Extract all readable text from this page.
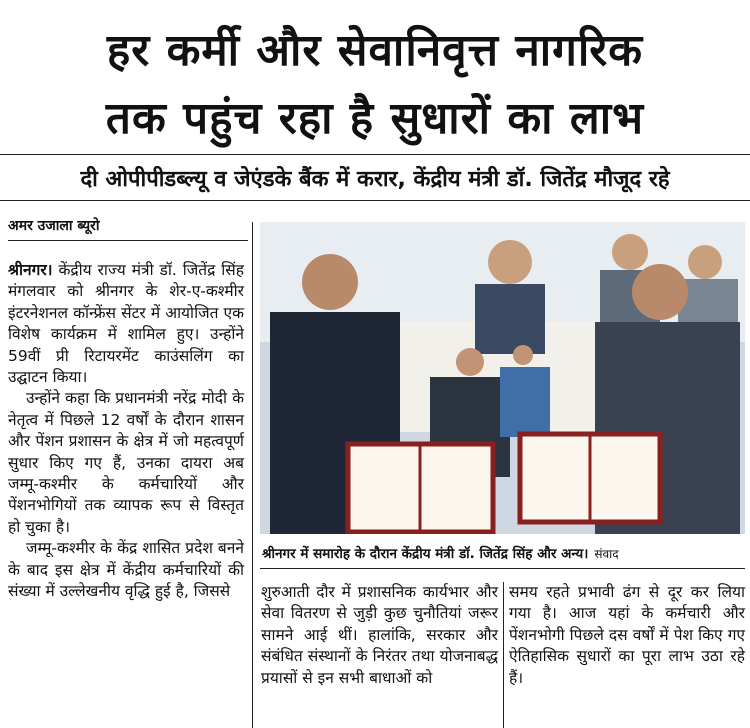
हर कर्मी और सेवानिवृत्त नागरिक
तक पहुंच रहा है सुधारों का लाभ
दी ओपीपीडब्ल्यू व जेएंडके बैंक में करार, केंद्रीय मंत्री डॉ. जितेंद्र मौजूद रहे
अमर उजाला ब्यूरो

श्रीनगर। केंद्रीय राज्य मंत्री डॉ. जितेंद्र सिंह मंगलवार को श्रीनगर के शेर-ए-कश्मीर इंटरनेशनल कॉन्फ्रेंस सेंटर में आयोजित एक विशेष कार्यक्रम में शामिल हुए। उन्होंने 59वीं प्री रिटायरमेंट काउंसलिंग का उद्घाटन किया।

उन्होंने कहा कि प्रधानमंत्री नरेंद्र मोदी के नेतृत्व में पिछले 12 वर्षों के दौरान शासन और पेंशन प्रशासन के क्षेत्र में जो महत्वपूर्ण सुधार किए गए हैं, उनका दायरा अब जम्मू-कश्मीर के कर्मचारियों और पेंशनभोगियों तक व्यापक रूप से विस्तृत हो चुका है।

जम्मू-कश्मीर के केंद्र शासित प्रदेश बनने के बाद इस क्षेत्र में केंद्रीय कर्मचारियों की संख्या में उल्लेखनीय वृद्धि हुई है, जिससे

श्रीनगर में समारोह के दौरान केंद्रीय मंत्री डॉ. जितेंद्र सिंह और अन्य। संवाद

शुरुआती दौर में प्रशासनिक कार्यभार और सेवा वितरण से जुड़ी कुछ चुनौतियां जरूर सामने आई थीं। हालांकि, सरकार और संबंधित संस्थानों के निरंतर तथा योजनाबद्ध प्रयासों से इन सभी बाधाओं को

समय रहते प्रभावी ढंग से दूर कर लिया गया है। आज यहां के कर्मचारी और पेंशनभोगी पिछले दस वर्षों में पेश किए गए ऐतिहासिक सुधारों का पूरा लाभ उठा रहे हैं।
